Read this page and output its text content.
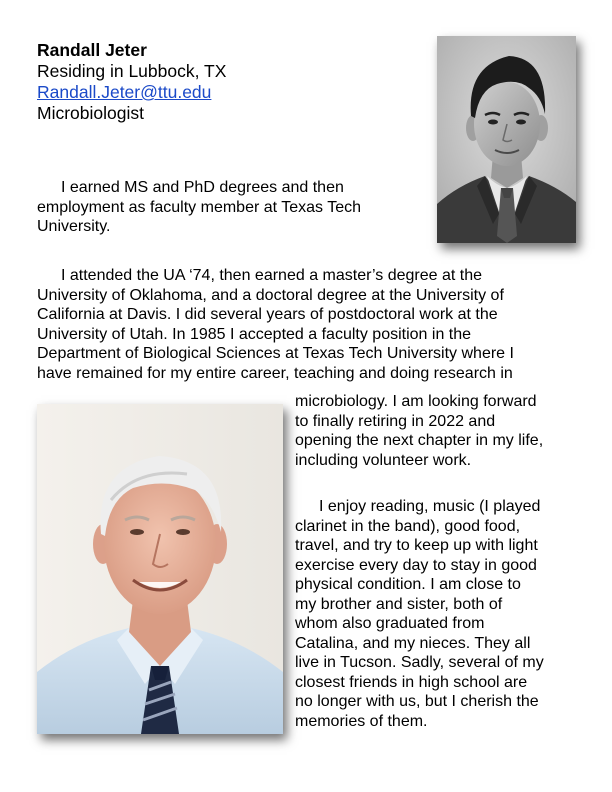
Randall Jeter
Residing in Lubbock, TX
Randall.Jeter@ttu.edu
Microbiologist
I earned MS and PhD degrees and then
employment as faculty member at Texas Tech
University.
I attended the UA ‘74, then earned a master’s degree at the
University of Oklahoma, and a doctoral degree at the University of
California at Davis. I did several years of postdoctoral work at the
University of Utah. In 1985 I accepted a faculty position in the
Department of Biological Sciences at Texas Tech University where I
have remained for my entire career, teaching and doing research in
microbiology. I am looking forward
to finally retiring in 2022 and
opening the next chapter in my life,
including volunteer work.
I enjoy reading, music (I played
clarinet in the band), good food,
travel, and try to keep up with light
exercise every day to stay in good
physical condition. I am close to
my brother and sister, both of
whom also graduated from
Catalina, and my nieces. They all
live in Tucson. Sadly, several of my
closest friends in high school are
no longer with us, but I cherish the
memories of them.
